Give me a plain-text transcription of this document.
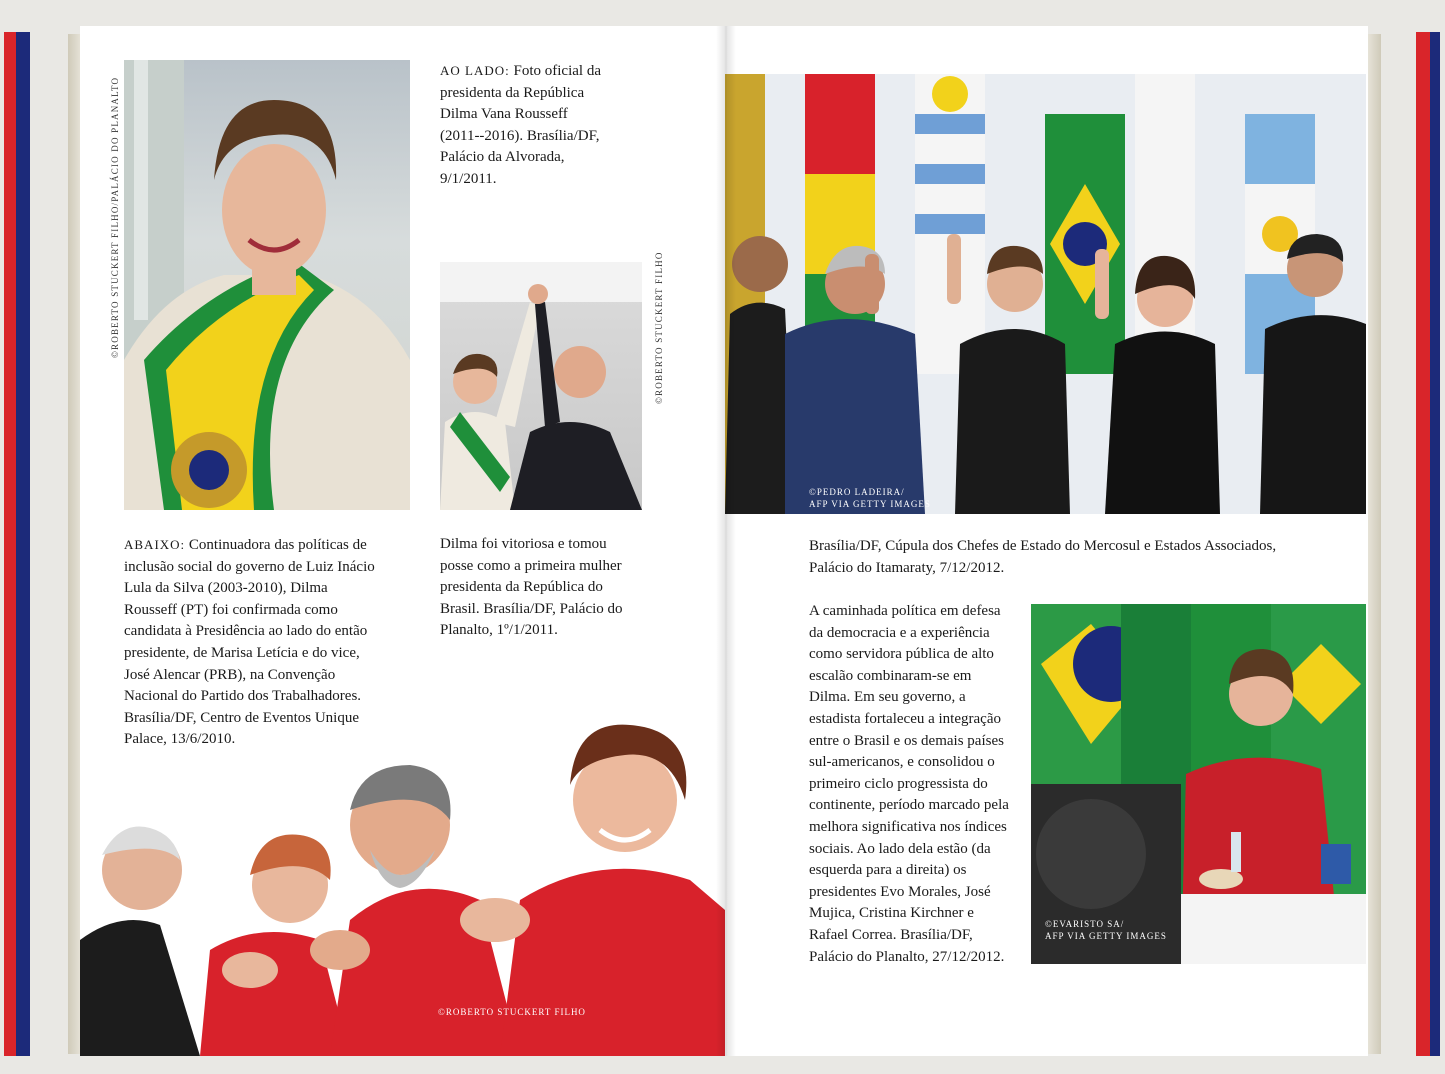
©ROBERTO STUCKERT FILHO/PALÁCIO DO PLANALTO

AO LADO: Foto oficial da presidenta da República Dilma Vana Rousseff (2011--2016). Brasília/DF, Palácio da Alvorada, 9/1/2011.

©ROBERTO STUCKERT FILHO

ABAIXO: Continuadora das políticas de inclusão social do governo de Luiz Inácio Lula da Silva (2003-2010), Dilma Rousseff (PT) foi confirmada como candidata à Presidência ao lado do então presidente, de Marisa Letícia e do vice, José Alencar (PRB), na Convenção Nacional do Partido dos Trabalhadores. Brasília/DF, Centro de Eventos Unique Palace, 13/6/2010.

Dilma foi vitoriosa e tomou posse como a primeira mulher presidenta da República do Brasil. Brasília/DF, Palácio do Planalto, 1º/1/2011.

©ROBERTO STUCKERT FILHO
©PEDRO LADEIRA/
AFP VIA GETTY IMAGES

Brasília/DF, Cúpula dos Chefes de Estado do Mercosul e Estados Associados, Palácio do Itamaraty, 7/12/2012.

A caminhada política em defesa da democracia e a experiência como servidora pública de alto escalão combinaram-se em Dilma. Em seu governo, a estadista fortaleceu a integração entre o Brasil e os demais países sul-americanos, e consolidou o primeiro ciclo progressista do continente, período marcado pela melhora significativa nos índices sociais. Ao lado dela estão (da esquerda para a direita) os presidentes Evo Morales, José Mujica, Cristina Kirchner e Rafael Correa. Brasília/DF, Palácio do Planalto, 27/12/2012.

©EVARISTO SA/
AFP VIA GETTY IMAGES
